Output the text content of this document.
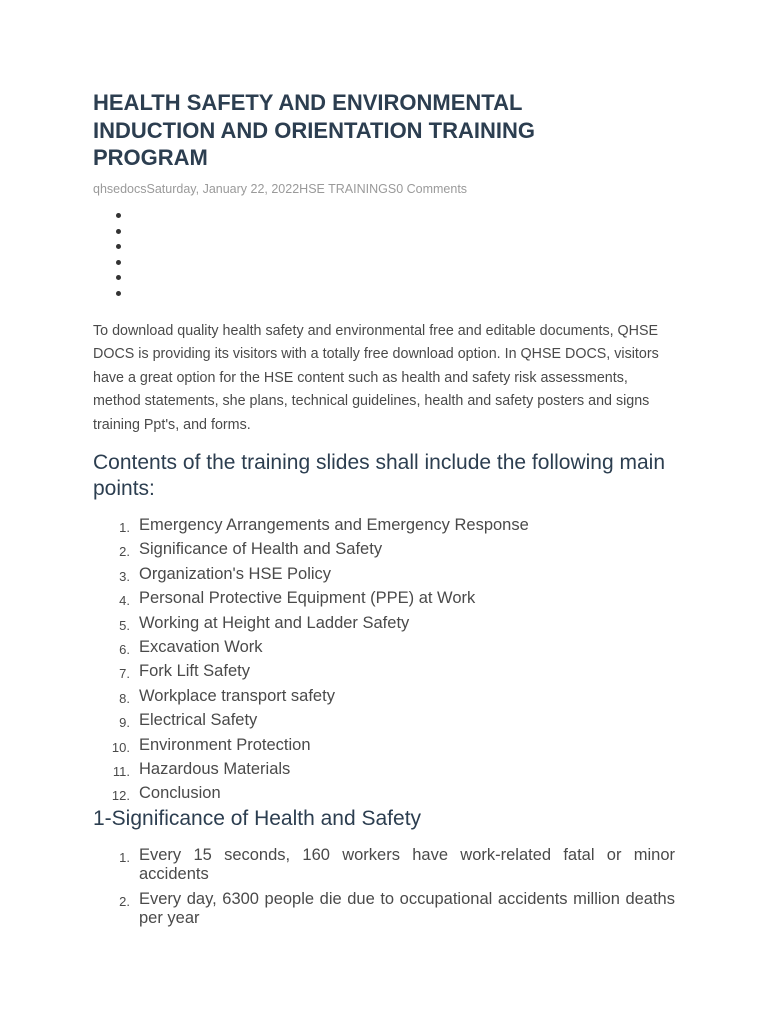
HEALTH SAFETY AND ENVIRONMENTAL INDUCTION AND ORIENTATION TRAINING PROGRAM
qhsedocsSaturday, January 22, 2022HSE TRAININGS0 Comments

To download quality health safety and environmental free and editable documents, QHSE DOCS is providing its visitors with a totally free download option. In QHSE DOCS, visitors have a great option for the HSE content such as health and safety risk assessments, method statements, she plans, technical guidelines, health and safety posters and signs training Ppt's, and forms.

Contents of the training slides shall include the following main points:
1. Emergency Arrangements and Emergency Response
2. Significance of Health and Safety
3. Organization's HSE Policy
4. Personal Protective Equipment (PPE) at Work
5. Working at Height and Ladder Safety
6. Excavation Work
7. Fork Lift Safety
8. Workplace transport safety
9. Electrical Safety
10. Environment Protection
11. Hazardous Materials
12. Conclusion
1-Significance of Health and Safety
1. Every 15 seconds, 160 workers have work-related fatal or minor accidents
2. Every day, 6300 people die due to occupational accidents million deaths per year
